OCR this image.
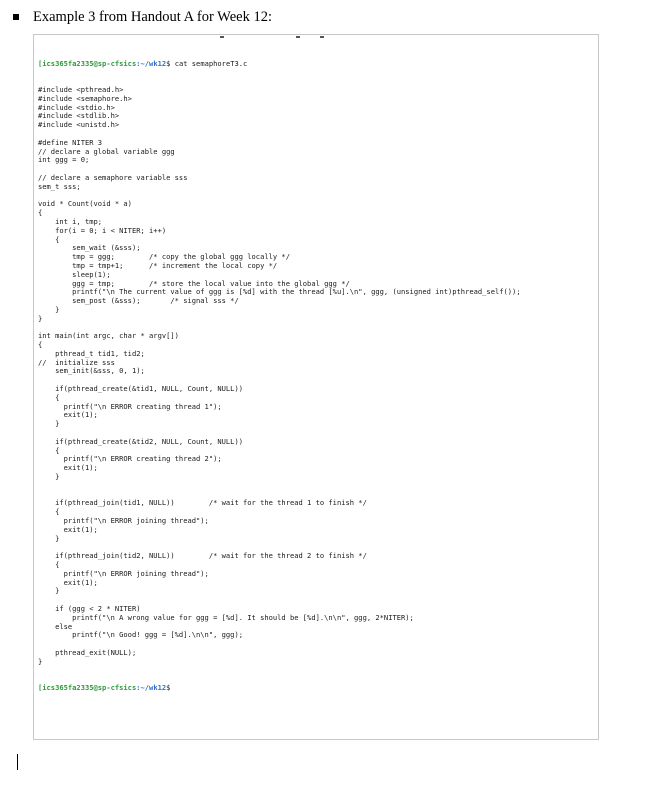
Example 3 from Handout A for Week 12:

[ics365fa2335@sp-cfsics:~/wk12$ cat semaphoreT3.c

#include <pthread.h>
#include <semaphore.h>
#include <stdio.h>
#include <stdlib.h>
#include <unistd.h>
#define NITER 3
// declare a global variable ggg
int ggg = 0;
// declare a semaphore variable sss
sem_t sss;
void * Count(void * a)
{
int i, tmp;
for(i = 0; i < NITER; i++)
{
sem_wait (&sss);
tmp = ggg;        /* copy the global ggg locally */
tmp = tmp+1;      /* increment the local copy */
sleep(1);
ggg = tmp;        /* store the local value into the global ggg */
printf("\n The current value of ggg is [%d] with the thread [%u].\n", ggg, (unsigned int)pthread_self());
sem_post (&sss);       /* signal sss */
}
}
int main(int argc, char * argv[])
{
pthread_t tid1, tid2;
//  initialize sss
sem_init(&sss, 0, 1);
if(pthread_create(&tid1, NULL, Count, NULL))
{
printf("\n ERROR creating thread 1");
exit(1);
}
if(pthread_create(&tid2, NULL, Count, NULL))
{
printf("\n ERROR creating thread 2");
exit(1);
}
if(pthread_join(tid1, NULL))        /* wait for the thread 1 to finish */
{
printf("\n ERROR joining thread");
exit(1);
}
if(pthread_join(tid2, NULL))        /* wait for the thread 2 to finish */
{
printf("\n ERROR joining thread");
exit(1);
}
if (ggg < 2 * NITER)
printf("\n A wrong value for ggg = [%d]. It should be [%d].\n\n", ggg, 2*NITER);
else
printf("\n Good! ggg = [%d].\n\n", ggg);
pthread_exit(NULL);
}

[ics365fa2335@sp-cfsics:~/wk12$
